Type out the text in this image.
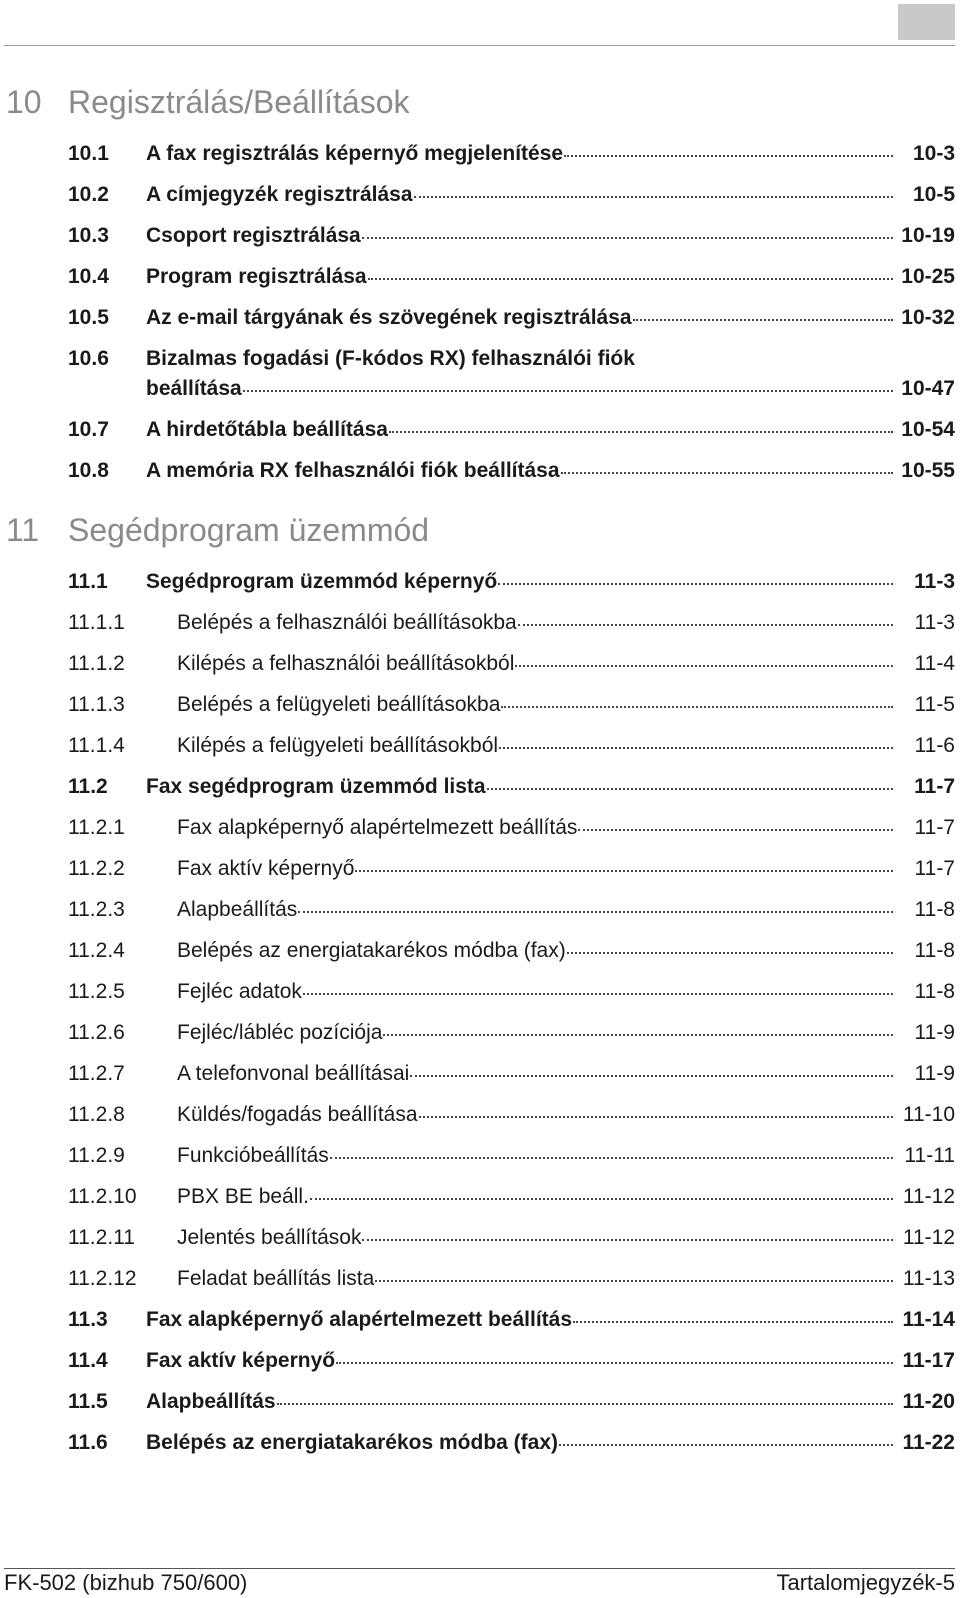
10 Regisztrálás/Beállítások
10.1	A fax regisztrálás képernyő megjelenítése	10-3
10.2	A címjegyzék regisztrálása	10-5
10.3	Csoport regisztrálása	10-19
10.4	Program regisztrálása	10-25
10.5	Az e-mail tárgyának és szövegének regisztrálása	10-32
10.6	Bizalmas fogadási (F-kódos RX) felhasználói fiók
beállítása	10-47
10.7	A hirdetőtábla beállítása	10-54
10.8	A memória RX felhasználói fiók beállítása	10-55
11 Segédprogram üzemmód
11.1	Segédprogram üzemmód képernyő	11-3
11.1.1	Belépés a felhasználói beállításokba	11-3
11.1.2	Kilépés a felhasználói beállításokból	11-4
11.1.3	Belépés a felügyeleti beállításokba	11-5
11.1.4	Kilépés a felügyeleti beállításokból	11-6
11.2	Fax segédprogram üzemmód lista	11-7
11.2.1	Fax alapképernyő alapértelmezett beállítás	11-7
11.2.2	Fax aktív képernyő	11-7
11.2.3	Alapbeállítás	11-8
11.2.4	Belépés az energiatakarékos módba (fax)	11-8
11.2.5	Fejléc adatok	11-8
11.2.6	Fejléc/lábléc pozíciója	11-9
11.2.7	A telefonvonal beállításai	11-9
11.2.8	Küldés/fogadás beállítása	11-10
11.2.9	Funkcióbeállítás	11-11
11.2.10	PBX BE beáll.	11-12
11.2.11	Jelentés beállítások	11-12
11.2.12	Feladat beállítás lista	11-13
11.3	Fax alapképernyő alapértelmezett beállítás	11-14
11.4	Fax aktív képernyő	11-17
11.5	Alapbeállítás	11-20
11.6	Belépés az energiatakarékos módba (fax)	11-22
FK-502 (bizhub 750/600)	Tartalomjegyzék-5
